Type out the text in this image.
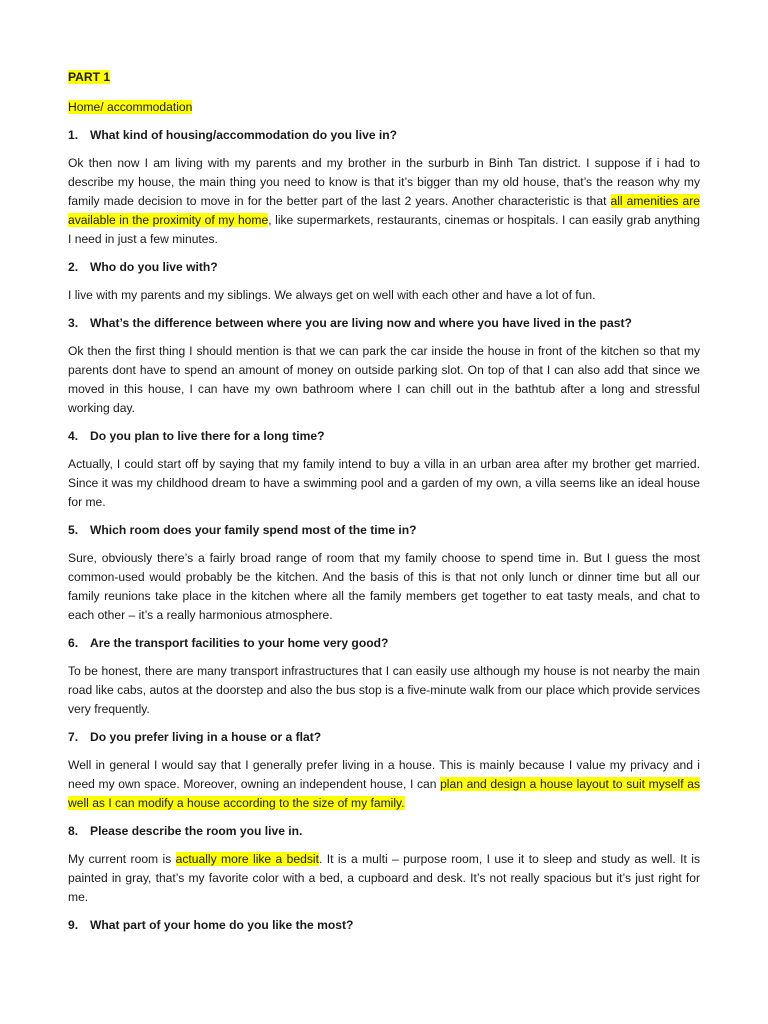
PART 1

Home/ accommodation

1. What kind of housing/accommodation do you live in?

Ok then now I am living with my parents and my brother in the surburb in Binh Tan district. I suppose if i had to describe my house, the main thing you need to know is that it’s bigger than my old house, that’s the reason why my family made decision to move in for the better part of the last 2 years. Another characteristic is that all amenities are available in the proximity of my home, like supermarkets, restaurants, cinemas or hospitals. I can easily grab anything I need in just a few minutes.

2. Who do you live with?

I live with my parents and my siblings. We always get on well with each other and have a lot of fun.

3. What’s the difference between where you are living now and where you have lived in the past?

Ok then the first thing I should mention is that we can park the car inside the house in front of the kitchen so that my parents dont have to spend an amount of money on outside parking slot. On top of that I can also add that since we moved in this house, I can have my own bathroom where I can chill out in the bathtub after a long and stressful working day.

4. Do you plan to live there for a long time?

Actually, I could start off by saying that my family intend to buy a villa in an urban area after my brother get married. Since it was my childhood dream to have a swimming pool and a garden of my own, a villa seems like an ideal house for me.

5. Which room does your family spend most of the time in?

Sure, obviously there’s a fairly broad range of room that my family choose to spend time in. But I guess the most common-used would probably be the kitchen. And the basis of this is that not only lunch or dinner time but all our family reunions take place in the kitchen where all the family members get together to eat tasty meals, and chat to each other – it’s a really harmonious atmosphere.

6. Are the transport facilities to your home very good?

To be honest, there are many transport infrastructures that I can easily use although my house is not nearby the main road like cabs, autos at the doorstep and also the bus stop is a five-minute walk from our place which provide services very frequently.

7. Do you prefer living in a house or a flat?

Well in general I would say that I generally prefer living in a house. This is mainly because I value my privacy and i need my own space. Moreover, owning an independent house, I can plan and design a house layout to suit myself as well as I can modify a house according to the size of my family.

8. Please describe the room you live in.

My current room is actually more like a bedsit. It is a multi – purpose room, I use it to sleep and study as well. It is painted in gray, that’s my favorite color with a bed, a cupboard and desk. It’s not really spacious but it’s just right for me.

9. What part of your home do you like the most?
